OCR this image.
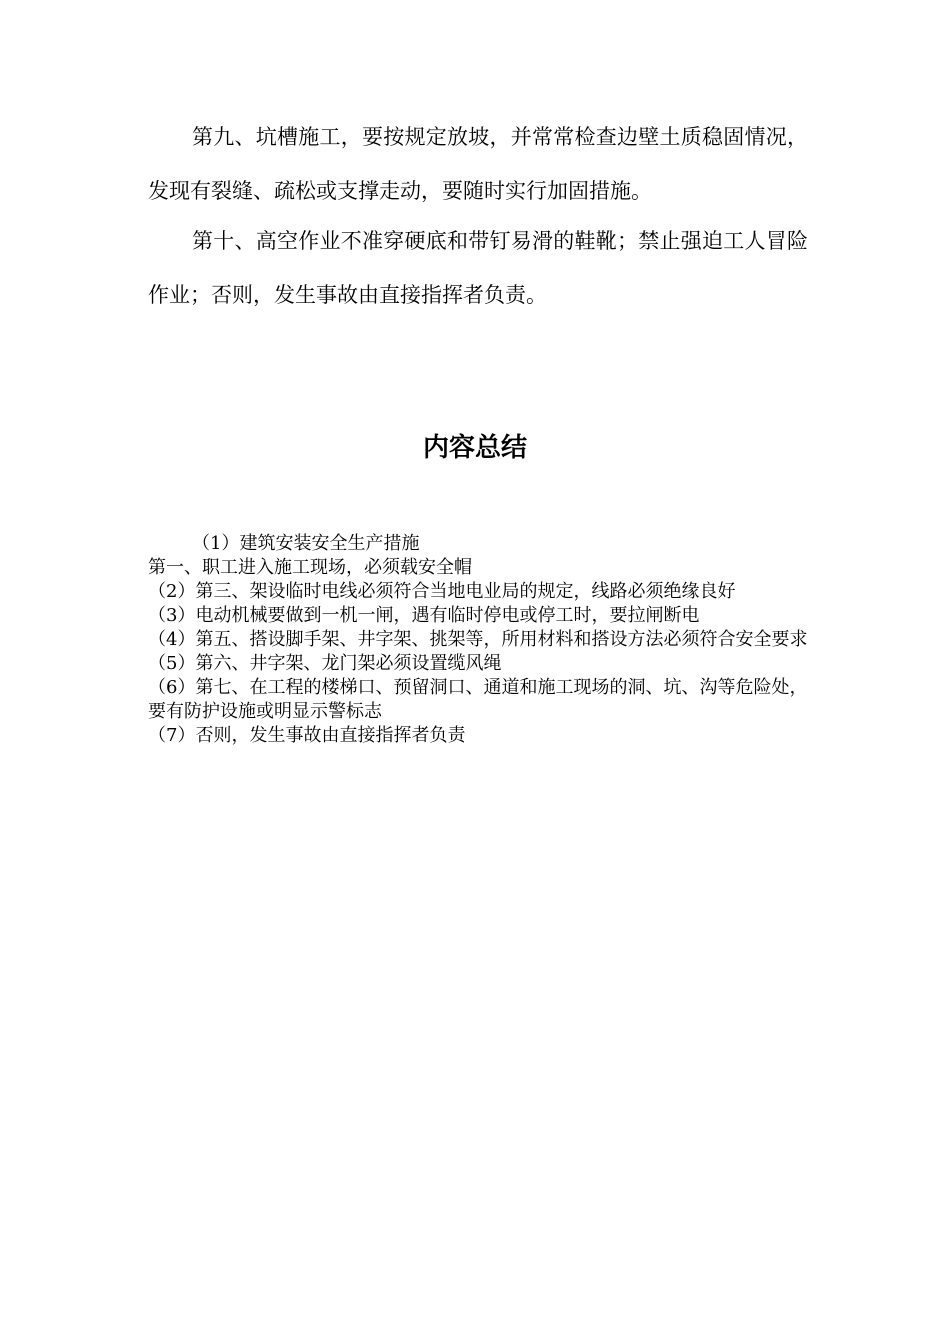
第九、坑槽施工，要按规定放坡，并常常检查边壁土质稳固情况，发现有裂缝、疏松或支撑走动，要随时实行加固措施。

第十、高空作业不准穿硬底和带钉易滑的鞋靴；禁止强迫工人冒险作业；否则，发生事故由直接指挥者负责。

内容总结
（1）建筑安装安全生产措施
第一、职工进入施工现场，必须载安全帽
（2）第三、架设临时电线必须符合当地电业局的规定，线路必须绝缘良好
（3）电动机械要做到一机一闸，遇有临时停电或停工时，要拉闸断电
（4）第五、搭设脚手架、井字架、挑架等，所用材料和搭设方法必须符合安全要求
（5）第六、井字架、龙门架必须设置缆风绳
（6）第七、在工程的楼梯口、预留洞口、通道和施工现场的洞、坑、沟等危险处，要有防护设施或明显示警标志
（7）否则，发生事故由直接指挥者负责
